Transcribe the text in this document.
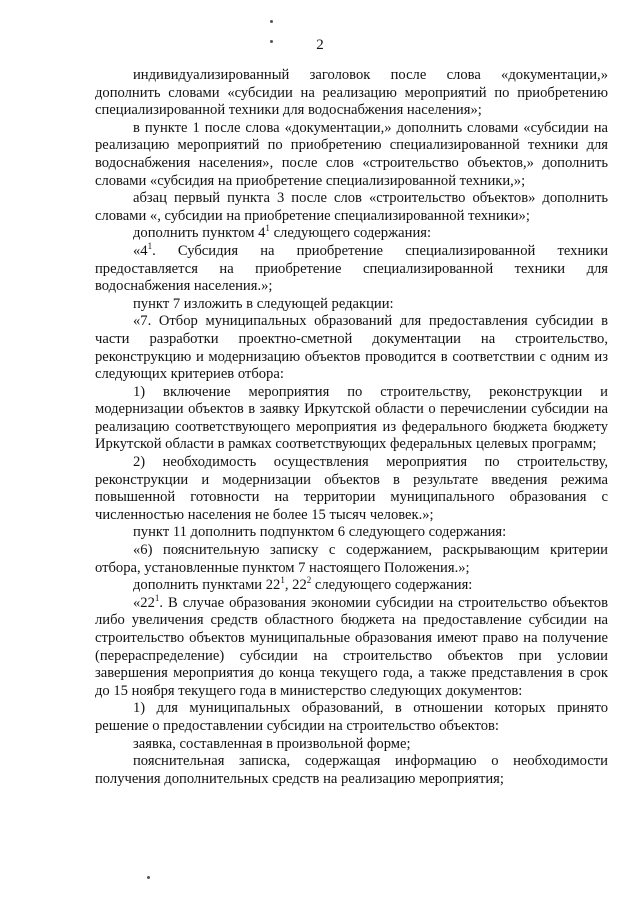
2

индивидуализированный заголовок после слова «документации,» дополнить словами «субсидии на реализацию мероприятий по приобретению специализированной техники для водоснабжения населения»;

в пункте 1 после слова «документации,» дополнить словами «субсидии на реализацию мероприятий по приобретению специализированной техники для водоснабжения населения», после слов «строительство объектов,» дополнить словами «субсидия на приобретение специализированной техники,»;

абзац первый пункта 3 после слов «строительство объектов» дополнить словами «, субсидии на приобретение специализированной техники»;

дополнить пунктом $4^1$ следующего содержания:

«$4^1$. Субсидия на приобретение специализированной техники предоставляется на приобретение специализированной техники для водоснабжения населения.»;

пункт 7 изложить в следующей редакции:

«7. Отбор муниципальных образований для предоставления субсидии в части разработки проектно-сметной документации на строительство, реконструкцию и модернизацию объектов проводится в соответствии с одним из следующих критериев отбора:

1) включение мероприятия по строительству, реконструкции и модернизации объектов в заявку Иркутской области о перечислении субсидии на реализацию соответствующего мероприятия из федерального бюджета бюджету Иркутской области в рамках соответствующих федеральных целевых программ;

2) необходимость осуществления мероприятия по строительству, реконструкции и модернизации объектов в результате введения режима повышенной готовности на территории муниципального образования с численностью населения не более 15 тысяч человек.»;

пункт 11 дополнить подпунктом 6 следующего содержания:

«6) пояснительную записку с содержанием, раскрывающим критерии отбора, установленные пунктом 7 настоящего Положения.»;

дополнить пунктами $22^1$, $22^2$ следующего содержания:

«$22^1$. В случае образования экономии субсидии на строительство объектов либо увеличения средств областного бюджета на предоставление субсидии на строительство объектов муниципальные образования имеют право на получение (перераспределение) субсидии на строительство объектов при условии завершения мероприятия до конца текущего года, а также представления в срок до 15 ноября текущего года в министерство следующих документов:

1) для муниципальных образований, в отношении которых принято решение о предоставлении субсидии на строительство объектов:

заявка, составленная в произвольной форме;

пояснительная записка, содержащая информацию о необходимости получения дополнительных средств на реализацию мероприятия;
